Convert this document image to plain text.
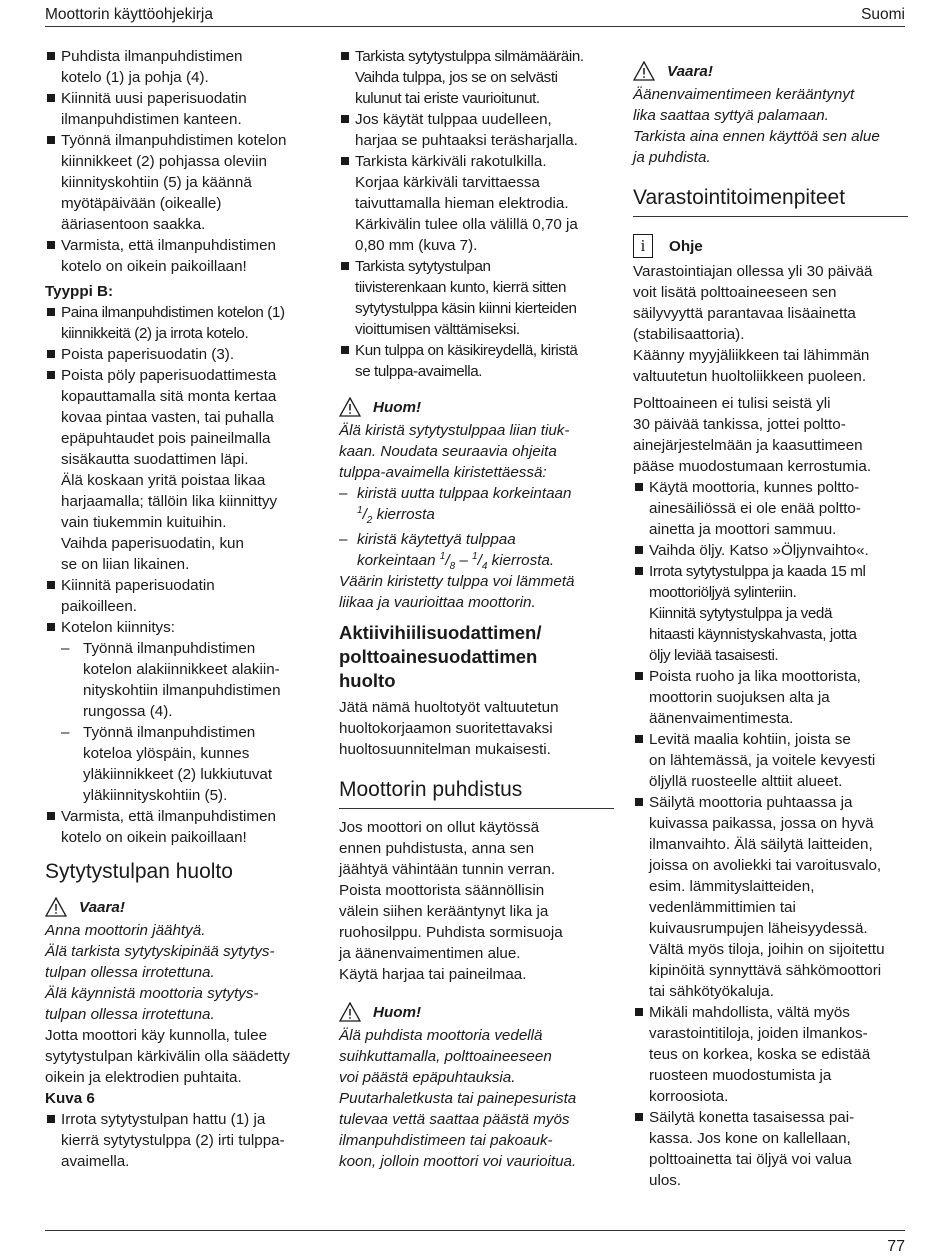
Moottorin käyttöohjekirja	Suomi

Puhdista ilmanpuhdistimen
kotelo (1) ja pohja (4).

Kiinnitä uusi paperisuodatin
ilmanpuhdistimen kanteen.

Työnnä ilmanpuhdistimen kotelon
kiinnikkeet (2) pohjassa oleviin
kiinnityskohtiin (5) ja käännä
myötäpäivään (oikealle)
ääriasentoon saakka.

Varmista, että ilmanpuhdistimen
kotelo on oikein paikoillaan!

Tyyppi B:

Paina ilmanpuhdistimen kotelon (1)
kiinnikkeitä (2) ja irrota kotelo.

Poista paperisuodatin (3).

Poista pöly paperisuodattimesta
kopauttamalla sitä monta kertaa
kovaa pintaa vasten, tai puhalla
epäpuhtaudet pois paineilmalla
sisäkautta suodattimen läpi.
Älä koskaan yritä poistaa likaa
harjaamalla; tällöin lika kiinnittyy
vain tiukemmin kuituihin.
Vaihda paperisuodatin, kun
se on liian likainen.

Kiinnitä paperisuodatin
paikoilleen.

Kotelon kiinnitys:

– Työnnä ilmanpuhdistimen
kotelon alakiinnikkeet alakiin-
nityskohtiin ilmanpuhdistimen
rungossa (4).

– Työnnä ilmanpuhdistimen
koteloa ylöspäin, kunnes
yläkiinnikkeet (2) lukkiutuvat
yläkiinnityskohtiin (5).

Varmista, että ilmanpuhdistimen
kotelo on oikein paikoillaan!

Sytytystulpan huolto
Vaara!

Anna moottorin jäähtyä.
Älä tarkista sytytyskipinää sytytys-
tulpan ollessa irrotettuna.
Älä käynnistä moottoria sytytys-
tulpan ollessa irrotettuna.

Jotta moottori käy kunnolla, tulee
sytytystulpan kärkivälin olla säädetty
oikein ja elektrodien puhtaita.

Kuva 6

Irrota sytytystulpan hattu (1) ja
kierrä sytytystulppa (2) irti tulppa-
avaimella.

Tarkista sytytystulppa silmämääräin.
Vaihda tulppa, jos se on selvästi
kulunut tai eriste vaurioitunut.

Jos käytät tulppaa uudelleen,
harjaa se puhtaaksi teräsharjalla.

Tarkista kärkiväli rakotulkilla.
Korjaa kärkiväli tarvittaessa
taivuttamalla hieman elektrodia.
Kärkivälin tulee olla välillä 0,70 ja
0,80 mm (kuva 7).

Tarkista sytytystulpan
tiivisterenkaan kunto, kierrä sitten
sytytystulppa käsin kiinni kierteiden
vioittumisen välttämiseksi.

Kun tulppa on käsikireydellä, kiristä
se tulppa-avaimella.

Huom!

Älä kiristä sytytystulppaa liian tiuk-
kaan. Noudata seuraavia ohjeita
tulppa-avaimella kiristettäessä:

– kiristä uutta tulppaa korkeintaan
$^1/_2$ kierrosta

– kiristä käytettyä tulppaa
korkeintaan $^1/_8 - ^1/_4$ kierrosta.

Väärin kiristetty tulppa voi lämmetä
liikaa ja vaurioittaa moottorin.

Aktiivihiilisuodattimen/
polttoainesuodattimen
huolto

Jätä nämä huoltotyöt valtuutetun
huoltokorjaamon suoritettavaksi
huoltosuunnitelman mukaisesti.

Moottorin puhdistus

Jos moottori on ollut käytössä
ennen puhdistusta, anna sen
jäähtyä vähintään tunnin verran.
Poista moottorista säännöllisin
välein siihen kerääntynyt lika ja
ruohosilppu. Puhdista sormisuoja
ja äänenvaimentimen alue.
Käytä harjaa tai paineilmaa.

Huom!

Älä puhdista moottoria vedellä
suihkuttamalla, polttoaineeseen
voi päästä epäpuhtauksia.
Puutarhaletkusta tai painepesurista
tulevaa vettä saattaa päästä myös
ilmanpuhdistimeen tai pakoauk-
koon, jolloin moottori voi vaurioitua.

Vaara!

Äänenvaimentimeen kerääntynyt
lika saattaa syttyä palamaan.
Tarkista aina ennen käyttöä sen alue
ja puhdista.

Varastointitoimenpiteet
i	Ohje

Varastointiajan ollessa yli 30 päivää
voit lisätä polttoaineeseen sen
säilyvyyttä parantavaa lisäainetta
(stabilisaattoria).
Käänny myyjäliikkeen tai lähimmän
valtuutetun huoltoliikkeen puoleen.

Polttoaineen ei tulisi seistä yli
30 päivää tankissa, jottei poltto-
ainejärjestelmään ja kaasuttimeen
pääse muodostumaan kerrostumia.

Käytä moottoria, kunnes poltto-
ainesäiliössä ei ole enää poltto-
ainetta ja moottori sammuu.

Vaihda öljy. Katso »Öljynvaihto«.

Irrota sytytystulppa ja kaada 15 ml
moottoriöljyä sylinteriin.
Kiinnitä sytytystulppa ja vedä
hitaasti käynnistyskahvasta, jotta
öljy leviää tasaisesti.

Poista ruoho ja lika moottorista,
moottorin suojuksen alta ja
äänenvaimentimesta.

Levitä maalia kohtiin, joista se
on lähtemässä, ja voitele kevyesti
öljyllä ruosteelle alttiit alueet.

Säilytä moottoria puhtaassa ja
kuivassa paikassa, jossa on hyvä
ilmanvaihto. Älä säilytä laitteiden,
joissa on avoliekki tai varoitusvalo,
esim. lämmityslaitteiden,
vedenlämmittimien tai
kuivausrumpujen läheisyydessä.
Vältä myös tiloja, joihin on sijoitettu
kipinöitä synnyttävä sähkömoottori
tai sähkötyökaluja.

Mikäli mahdollista, vältä myös
varastointitiloja, joiden ilmankos-
teus on korkea, koska se edistää
ruosteen muodostumista ja
korroosiota.

Säilytä konetta tasaisessa pai-
kassa. Jos kone on kallellaan,
polttoainetta tai öljyä voi valua
ulos.

77
